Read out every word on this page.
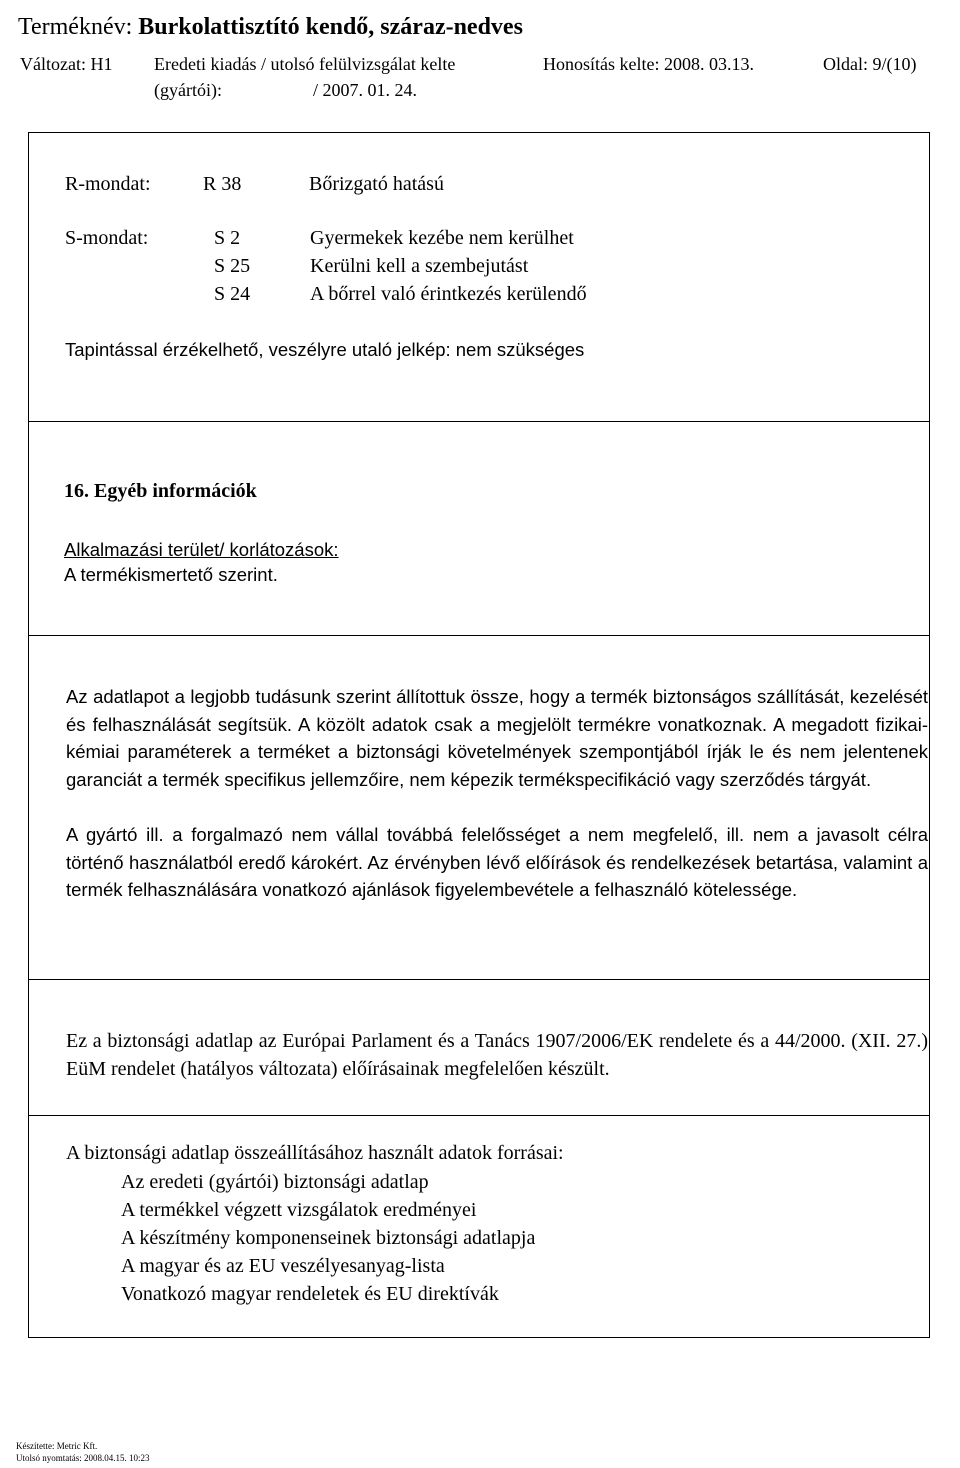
Terméknév: Burkolattisztító kendő, száraz-nedves
Változat: H1 Eredeti kiadás / utolsó felülvizsgálat kelte
(gyártói):	/ 2007. 01. 24.
Honosítás kelte: 2008. 03.13.	Oldal: 9/(10)
R-mondat:	R 38	Bőrizgató hatású
S-mondat:	S 2	Gyermekek kezébe nem kerülhet
S 25	Kerülni kell a szembejutást
S 24	A bőrrel való érintkezés kerülendő
Tapintással érzékelhető, veszélyre utaló jelkép: nem szükséges
16. Egyéb információk
Alkalmazási terület/ korlátozások:
A termékismertető szerint.
Az adatlapot a legjobb tudásunk szerint állítottuk össze, hogy a termék biztonságos szállítását, kezelését és felhasználását segítsük. A közölt adatok csak a megjelölt termékre vonatkoznak. A megadott fizikai-kémiai paraméterek a terméket a biztonsági követelmények szempontjából írják le és nem jelentenek garanciát a termék specifikus jellemzőire, nem képezik termékspecifikáció vagy szerződés tárgyát.
A gyártó ill. a forgalmazó nem vállal továbbá felelősséget a nem megfelelő, ill. nem a javasolt célra történő használatból eredő károkért. Az érvényben lévő előírások és rendelkezések betartása, valamint a termék felhasználására vonatkozó ajánlások figyelembevétele a felhasználó kötelessége.
Ez a biztonsági adatlap az Európai Parlament és a Tanács 1907/2006/EK rendelete és a 44/2000. (XII. 27.) EüM rendelet (hatályos változata) előírásainak megfelelően készült.
A biztonsági adatlap összeállításához használt adatok forrásai:
Az eredeti (gyártói) biztonsági adatlap
A termékkel végzett vizsgálatok eredményei
A készítmény komponenseinek biztonsági adatlapja
A magyar és az EU veszélyesanyag-lista
Vonatkozó magyar rendeletek és EU direktívák
Készítette: Metric Kft.
Utolsó nyomtatás: 2008.04.15. 10:23
